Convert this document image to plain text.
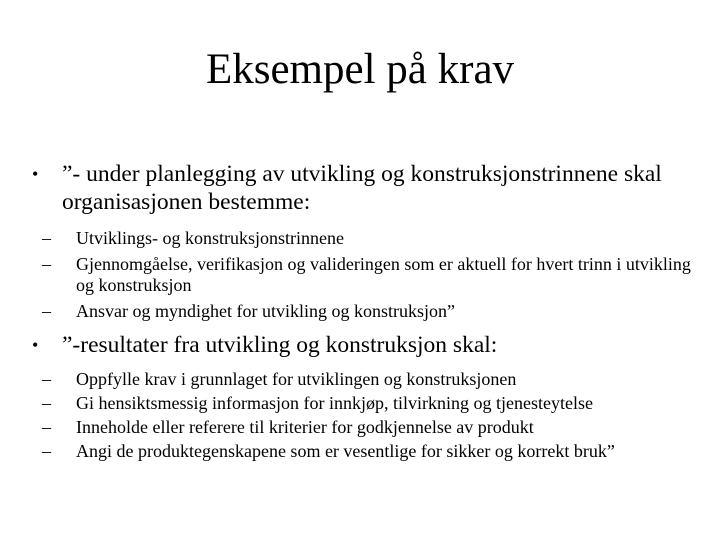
Eksempel på krav
• ”- under planlegging av utvikling og konstruksjonstrinnene skal organisasjonen bestemme:
– Utviklings- og konstruksjonstrinnene
– Gjennomgåelse, verifikasjon og valideringen som er aktuell for hvert trinn i utvikling og konstruksjon
– Ansvar og myndighet for utvikling og konstruksjon”
• ”-resultater fra utvikling og konstruksjon skal:
– Oppfylle krav i grunnlaget for utviklingen og konstruksjonen
– Gi hensiktsmessig informasjon for innkjøp, tilvirkning og tjenesteytelse
– Inneholde eller referere til kriterier for godkjennelse av produkt
– Angi de produktegenskapene som er vesentlige for sikker og korrekt bruk”
